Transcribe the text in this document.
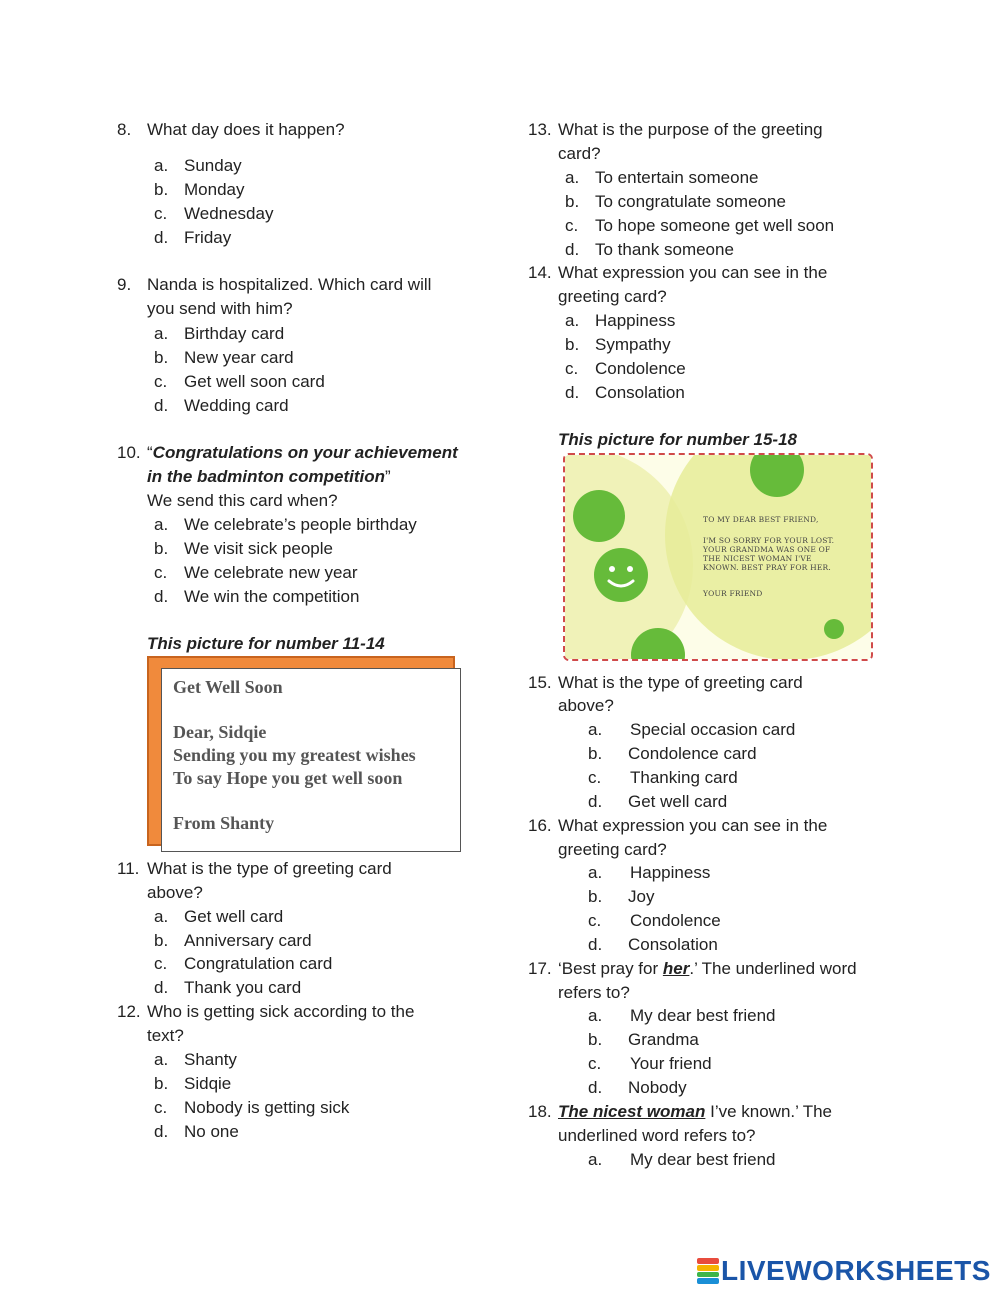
8. What day does it happen?
a. Sunday
b. Monday
c. Wednesday
d. Friday
9. Nanda is hospitalized. Which card will
you send with him?
a. Birthday card
b. New year card
c. Get well soon card
d. Wedding card
10. “Congratulations on your achievement
in the badminton competition”
We send this card when?
a. We celebrate’s people birthday
b. We visit sick people
c. We celebrate new year
d. We win the competition
This picture for number 11-14
Get Well Soon
Dear, Sidqie
Sending you my greatest wishes
To say Hope you get well soon
From Shanty
11. What is the type of greeting card
above?
a. Get well card
b. Anniversary card
c. Congratulation card
d. Thank you card
12. Who is getting sick according to the
text?
a. Shanty
b. Sidqie
c. Nobody is getting sick
d. No one
13. What is the purpose of the greeting
card?
a. To entertain someone
b. To congratulate someone
c. To hope someone get well soon
d. To thank someone
14. What expression you can see in the
greeting card?
a. Happiness
b. Sympathy
c. Condolence
d. Consolation
This picture for number 15-18
TO MY DEAR BEST FRIEND,
I'M SO SORRY FOR YOUR LOST.
YOUR GRANDMA WAS ONE OF
THE NICEST WOMAN I'VE
KNOWN. BEST PRAY FOR HER.
YOUR FRIEND
15. What is the type of greeting card
above?
a. Special occasion card
b. Condolence card
c. Thanking card
d. Get well card
16. What expression you can see in the
greeting card?
a. Happiness
b. Joy
c. Condolence
d. Consolation
17. ‘Best pray for her.’ The underlined word
refers to?
a. My dear best friend
b. Grandma
c. Your friend
d. Nobody
18. The nicest woman I’ve known.’ The
underlined word refers to?
a. My dear best friend
LIVEWORKSHEETS
